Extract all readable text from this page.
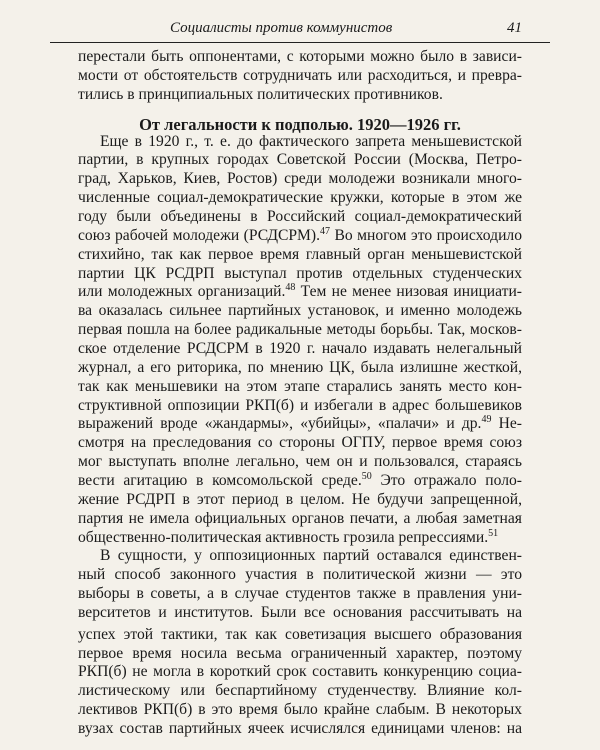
Социалисты против коммунистов	41
перестали быть оппонентами, с которыми можно было в зависи-
мости от обстоятельств сотрудничать или расходиться, и превра-
тились в принципиальных политических противников.
От легальности к подполью. 1920—1926 гг.
Еще в 1920 г., т. е. до фактического запрета меньшевистской
партии, в крупных городах Советской России (Москва, Петро-
град, Харьков, Киев, Ростов) среди молодежи возникали много-
численные социал-демократические кружки, которые в этом же
году были объединены в Российский социал-демократический
союз рабочей молодежи (РСДСРМ).$^{47}$ Во многом это происходило
стихийно, так как первое время главный орган меньшевистской
партии ЦК РСДРП выступал против отдельных студенческих
или молодежных организаций.$^{48}$ Тем не менее низовая инициати-
ва оказалась сильнее партийных установок, и именно молодежь
первая пошла на более радикальные методы борьбы. Так, москов-
ское отделение РСДСРМ в 1920 г. начало издавать нелегальный
журнал, а его риторика, по мнению ЦК, была излишне жесткой,
так как меньшевики на этом этапе старались занять место кон-
структивной оппозиции РКП(б) и избегали в адрес большевиков
выражений вроде «жандармы», «убийцы», «палачи» и др.$^{49}$ Не-
смотря на преследования со стороны ОГПУ, первое время союз
мог выступать вполне легально, чем он и пользовался, стараясь
вести агитацию в комсомольской среде.$^{50}$ Это отражало поло-
жение РСДРП в этот период в целом. Не будучи запрещенной,
партия не имела официальных органов печати, а любая заметная
общественно-политическая активность грозила репрессиями.$^{51}$
В сущности, у оппозиционных партий оставался единствен-
ный способ законного участия в политической жизни — это
выборы в советы, а в случае студентов также в правления уни-
верситетов и институтов. Были все основания рассчитывать на
успех этой тактики, так как советизация высшего образования
первое время носила весьма ограниченный характер, поэтому
РКП(б) не могла в короткий срок составить конкуренцию социа-
листическому или беспартийному студенчеству. Влияние кол-
лективов РКП(б) в это время было крайне слабым. В некоторых
вузах состав партийных ячеек исчислялся единицами членов: на
